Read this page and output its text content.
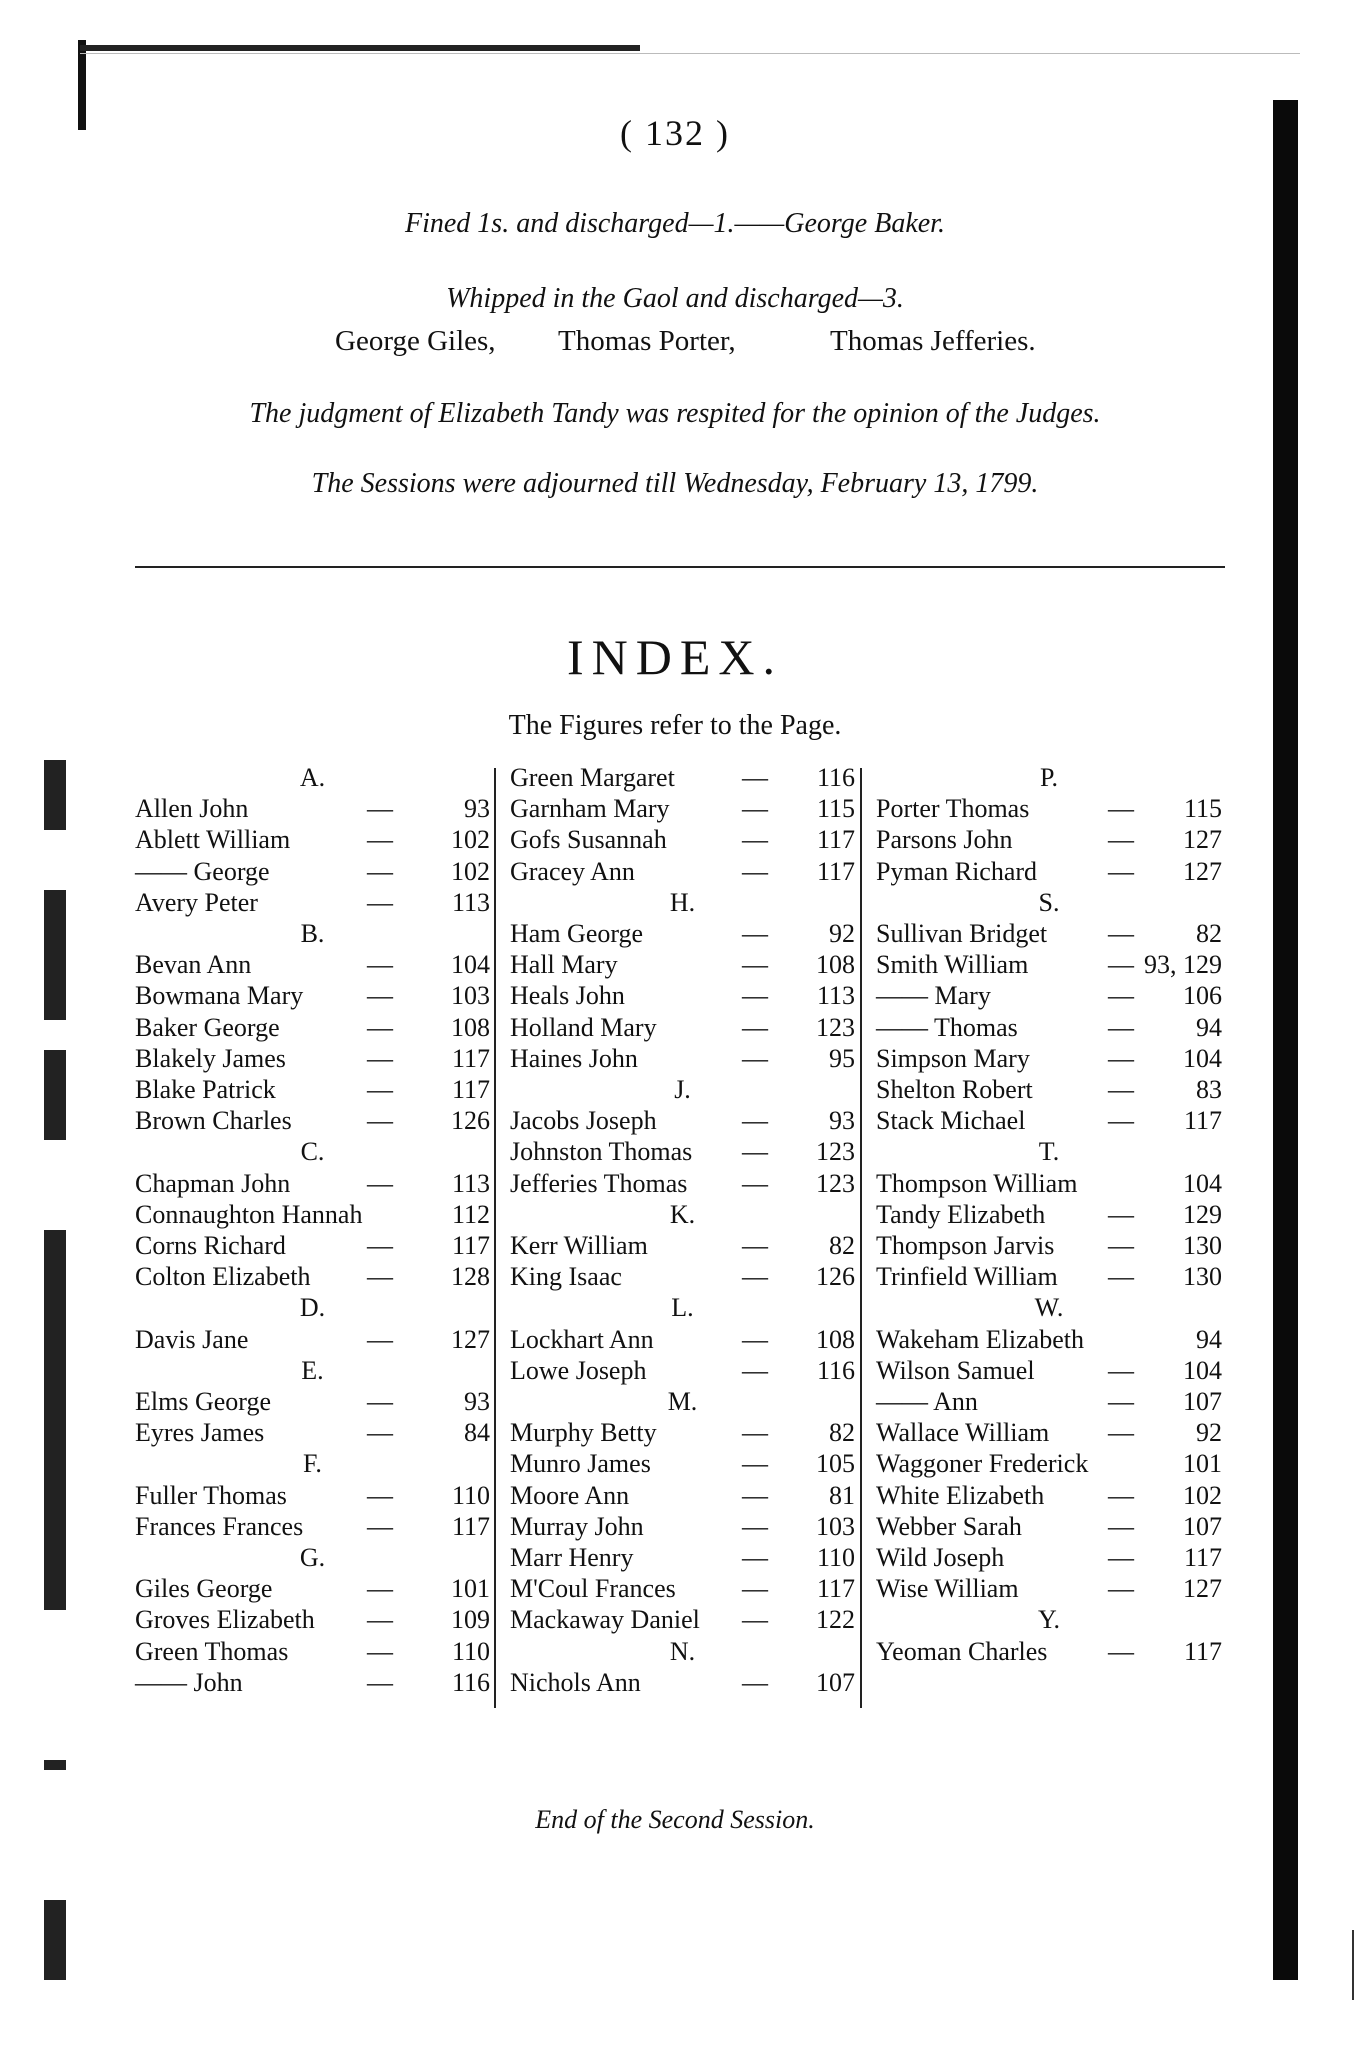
( 132 )
Fined 1s. and discharged—1.——George Baker.
Whipped in the Gaol and discharged—3.
George Giles, Thomas Porter,	Thomas Jefferies.
The judgment of Elizabeth Tandy was respited for the opinion of the Judges.
The Sessions were adjourned till Wednesday, February 13, 1799.
INDEX.
The Figures refer to the Page.
A.
Allen John	—	93
Ablett William	— 102
—— George	— 102
Avery Peter	— 113
B.
Bevan Ann	— 104
Bowmana Mary — 103
Baker George	— 108
Blakely James	— 117
Blake Patrick	— 117
Brown Charles	— 126
C.
Chapman John	— 113
Connaughton Hannah	112
Corns Richard	— 117
Colton Elizabeth — 128
D.
Davis Jane	— 127
E.
Elms George	—	93
Eyres James	—	84
F.
Fuller Thomas	— 110
Frances Frances — 117
G.
Giles George	— 101
Groves Elizabeth — 109
Green Thomas	— 110
—— John	— 116
Green Margaret	— 116
Garnham Mary	— 115
Gofs Susannah	— 117
Gracey Ann	— 117
H.
Ham George	— 92
Hall Mary	— 108
Heals John	— 113
Holland Mary	— 123
Haines John	— 95
J.
Jacobs Joseph	— 93
Johnston Thomas — 123
Jefferies Thomas — 123
K.
Kerr William	— 82
King Isaac	— 126
L.
Lockhart Ann	— 108
Lowe Joseph	— 116
M.
Murphy Betty	— 82
Munro James	— 105
Moore Ann	— 81
Murray John	— 103
Marr Henry	— 110
M'Coul Frances	— 117
Mackaway Daniel — 122
N.
Nichols Ann	— 107
P.
Porter Thomas	— 115
Parsons John	— 127
Pyman Richard	— 127
S.
Sullivan Bridget — 82
Smith William	— 93, 129
—— Mary	— 106
—— Thomas	— 94
Simpson Mary	— 104
Shelton Robert	— 83
Stack Michael	— 117
T.
Thompson William	104
Tandy Elizabeth — 129
Thompson Jarvis — 130
Trinfield William — 130
W.
Wakeham Elizabeth	94
Wilson Samuel	— 104
—— Ann	— 107
Wallace William — 92
Waggoner Frederick	101
White Elizabeth — 102
Webber Sarah	— 107
Wild Joseph	— 117
Wise William	— 127
Y.
Yeoman Charles — 117
End of the Second Session.
